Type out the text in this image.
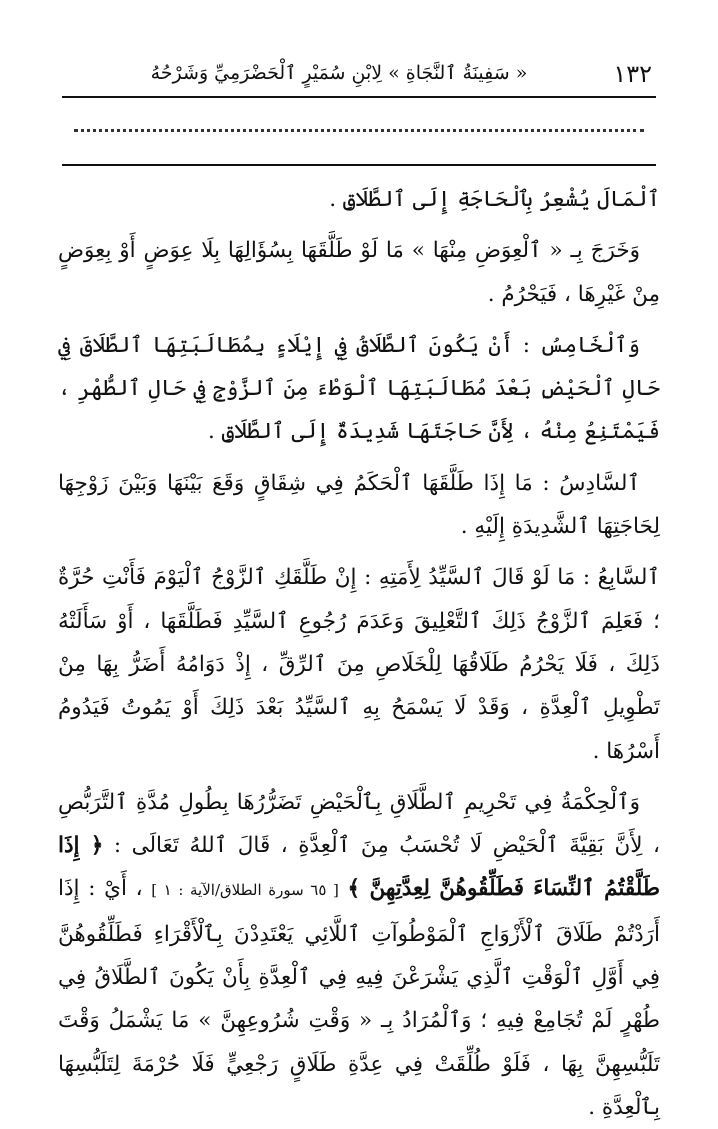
١٣٢
« سَفِينَةُ ٱلنَّجَاةِ » لِابْنِ سُمَيْرٍ ٱلْحَضْرَمِيِّ وَشَرْحُهُ

ٱلْمَالَ يُشْعِرُ بِٱلْحَاجَةِ إِلَى ٱلطَّلَاقِ .

وَخَرَجَ بِـ « ٱلْعِوَضِ مِنْهَا » مَا لَوْ طَلَّقَهَا بِسُؤَالِهَا بِلَا عِوَضٍ أَوْ بِعِوَضٍ مِنْ غَيْرِهَا ، فَيَحْرُمُ .

وَٱلْخَامِسُ : أَنْ يَكُونَ ٱلطَّلَاقُ فِي إِيْلَاءٍ بِمُطَالَبَتِهَا ٱلطَّلَاقَ فِي حَالِ ٱلْحَيْضِ بَعْدَ مُطَالَبَتِهَا ٱلْوَطْءَ مِنَ ٱلزَّوْجِ فِي حَالِ ٱلطُّهْرِ ، فَيَمْتَنِعُ مِنْهُ ، لِأَنَّ حَاجَتَهَا شَدِيدَةٌ إِلَى ٱلطَّلَاقِ .

ٱلسَّادِسُ : مَا إِذَا طَلَّقَهَا ٱلْحَكَمُ فِي شِقَاقٍ وَقَعَ بَيْنَهَا وَبَيْنَ زَوْجِهَا لِحَاجَتِهَا ٱلشَّدِيدَةِ إِلَيْهِ .

ٱلسَّابِعُ : مَا لَوْ قَالَ ٱلسَّيِّدُ لِأَمَتِهِ : إِنْ طَلَّقَكِ ٱلزَّوْجُ ٱلْيَوْمَ فَأَنْتِ حُرَّةٌ ؛ فَعَلِمَ ٱلزَّوْجُ ذَلِكَ ٱلتَّعْلِيقَ وَعَدَمَ رُجُوعِ ٱلسَّيِّدِ فَطَلَّقَهَا ، أَوْ سَأَلَتْهُ ذَلِكَ ، فَلَا يَحْرُمُ طَلَاقُهَا لِلْخَلَاصِ مِنَ ٱلرِّقِّ ، إِذْ دَوَامُهُ أَضَرُّ بِهَا مِنْ تَطْوِيلِ ٱلْعِدَّةِ ، وَقَدْ لَا يَسْمَحُ بِهِ ٱلسَّيِّدُ بَعْدَ ذَلِكَ أَوْ يَمُوتُ فَيَدُومُ أَسْرُهَا .

وَٱلْحِكْمَةُ فِي تَحْرِيمِ ٱلطَّلَاقِ بِٱلْحَيْضِ تَضَرُّرُهَا بِطُولِ مُدَّةِ ٱلتَّرَبُّصِ ، لِأَنَّ بَقِيَّةَ ٱلْحَيْضِ لَا تُحْسَبُ مِنَ ٱلْعِدَّةِ ، قَالَ ٱللهُ تَعَالَى : ﴿ إِذَا طَلَّقْتُمُ ٱلنِّسَاءَ فَطَلِّقُوهُنَّ لِعِدَّتِهِنَّ ﴾ [ ٦٥ سورة الطلاق/الآية : ١ ] ، أَيْ : إِذَا أَرَدْتُمْ طَلَاقَ ٱلْأَزْوَاجِ ٱلْمَوْطُوآتِ ٱللَّائِي يَعْتَدِدْنَ بِٱلْأَقْرَاءِ فَطَلِّقُوهُنَّ فِي أَوَّلِ ٱلْوَقْتِ ٱلَّذِي يَشْرَعْنَ فِيهِ فِي ٱلْعِدَّةِ بِأَنْ يَكُونَ ٱلطَّلَاقُ فِي طُهْرٍ لَمْ تُجَامِعْ فِيهِ ؛ وَٱلْمُرَادُ بِـ « وَقْتِ شُرُوعِهِنَّ » مَا يَشْمَلُ وَقْتَ تَلَبُّسِهِنَّ بِهَا ، فَلَوْ طُلِّقَتْ فِي عِدَّةِ طَلَاقٍ رَجْعِيٍّ فَلَا حُرْمَةَ لِتَلَبُّسِهَا بِٱلْعِدَّةِ .
